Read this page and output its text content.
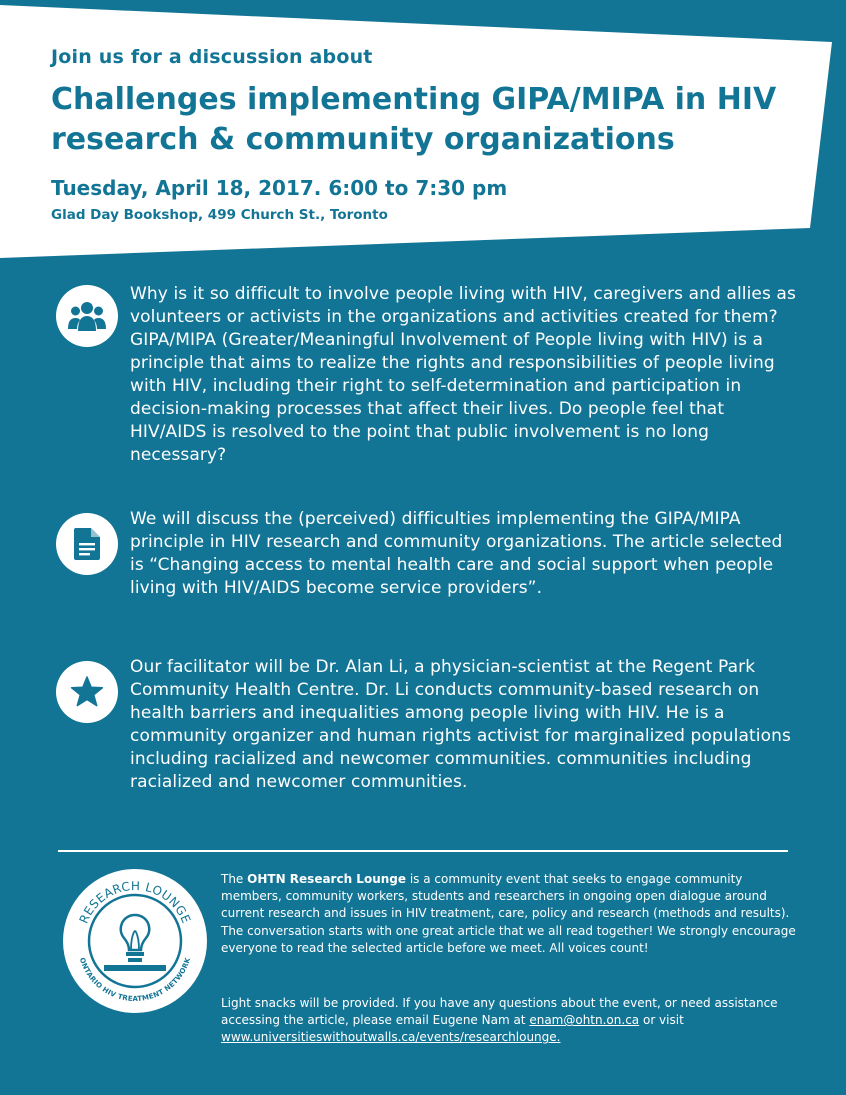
Join us for a discussion about
Challenges implementing GIPA/MIPA in HIV research & community organizations
Tuesday, April 18, 2017. 6:00 to 7:30 pm
Glad Day Bookshop, 499 Church St., Toronto

Why is it so difficult to involve people living with HIV, caregivers and allies as volunteers or activists in the organizations and activities created for them? GIPA/MIPA (Greater/Meaningful Involvement of People living with HIV) is a principle that aims to realize the rights and responsibilities of people living with HIV, including their right to self-determination and participation in decision-making processes that affect their lives. Do people feel that HIV/AIDS is resolved to the point that public involvement is no long necessary?

We will discuss the (perceived) difficulties implementing the GIPA/MIPA principle in HIV research and community organizations. The article selected is “Changing access to mental health care and social support when people living with HIV/AIDS become service providers”.

Our facilitator will be Dr. Alan Li, a physician-scientist at the Regent Park Community Health Centre. Dr. Li conducts community-based research on health barriers and inequalities among people living with HIV. He is a community organizer and human rights activist for marginalized populations including racialized and newcomer communities. communities including racialized and newcomer communities.

RESEARCH LOUNGE
ONTARIO HIV TREATMENT NETWORK

The OHTN Research Lounge is a community event that seeks to engage community members, community workers, students and researchers in ongoing open dialogue around current research and issues in HIV treatment, care, policy and research (methods and results). The conversation starts with one great article that we all read together! We strongly encourage everyone to read the selected article before we meet. All voices count!

Light snacks will be provided. If you have any questions about the event, or need assistance accessing the article, please email Eugene Nam at enam@ohtn.on.ca or visit www.universitieswithoutwalls.ca/events/researchlounge.
